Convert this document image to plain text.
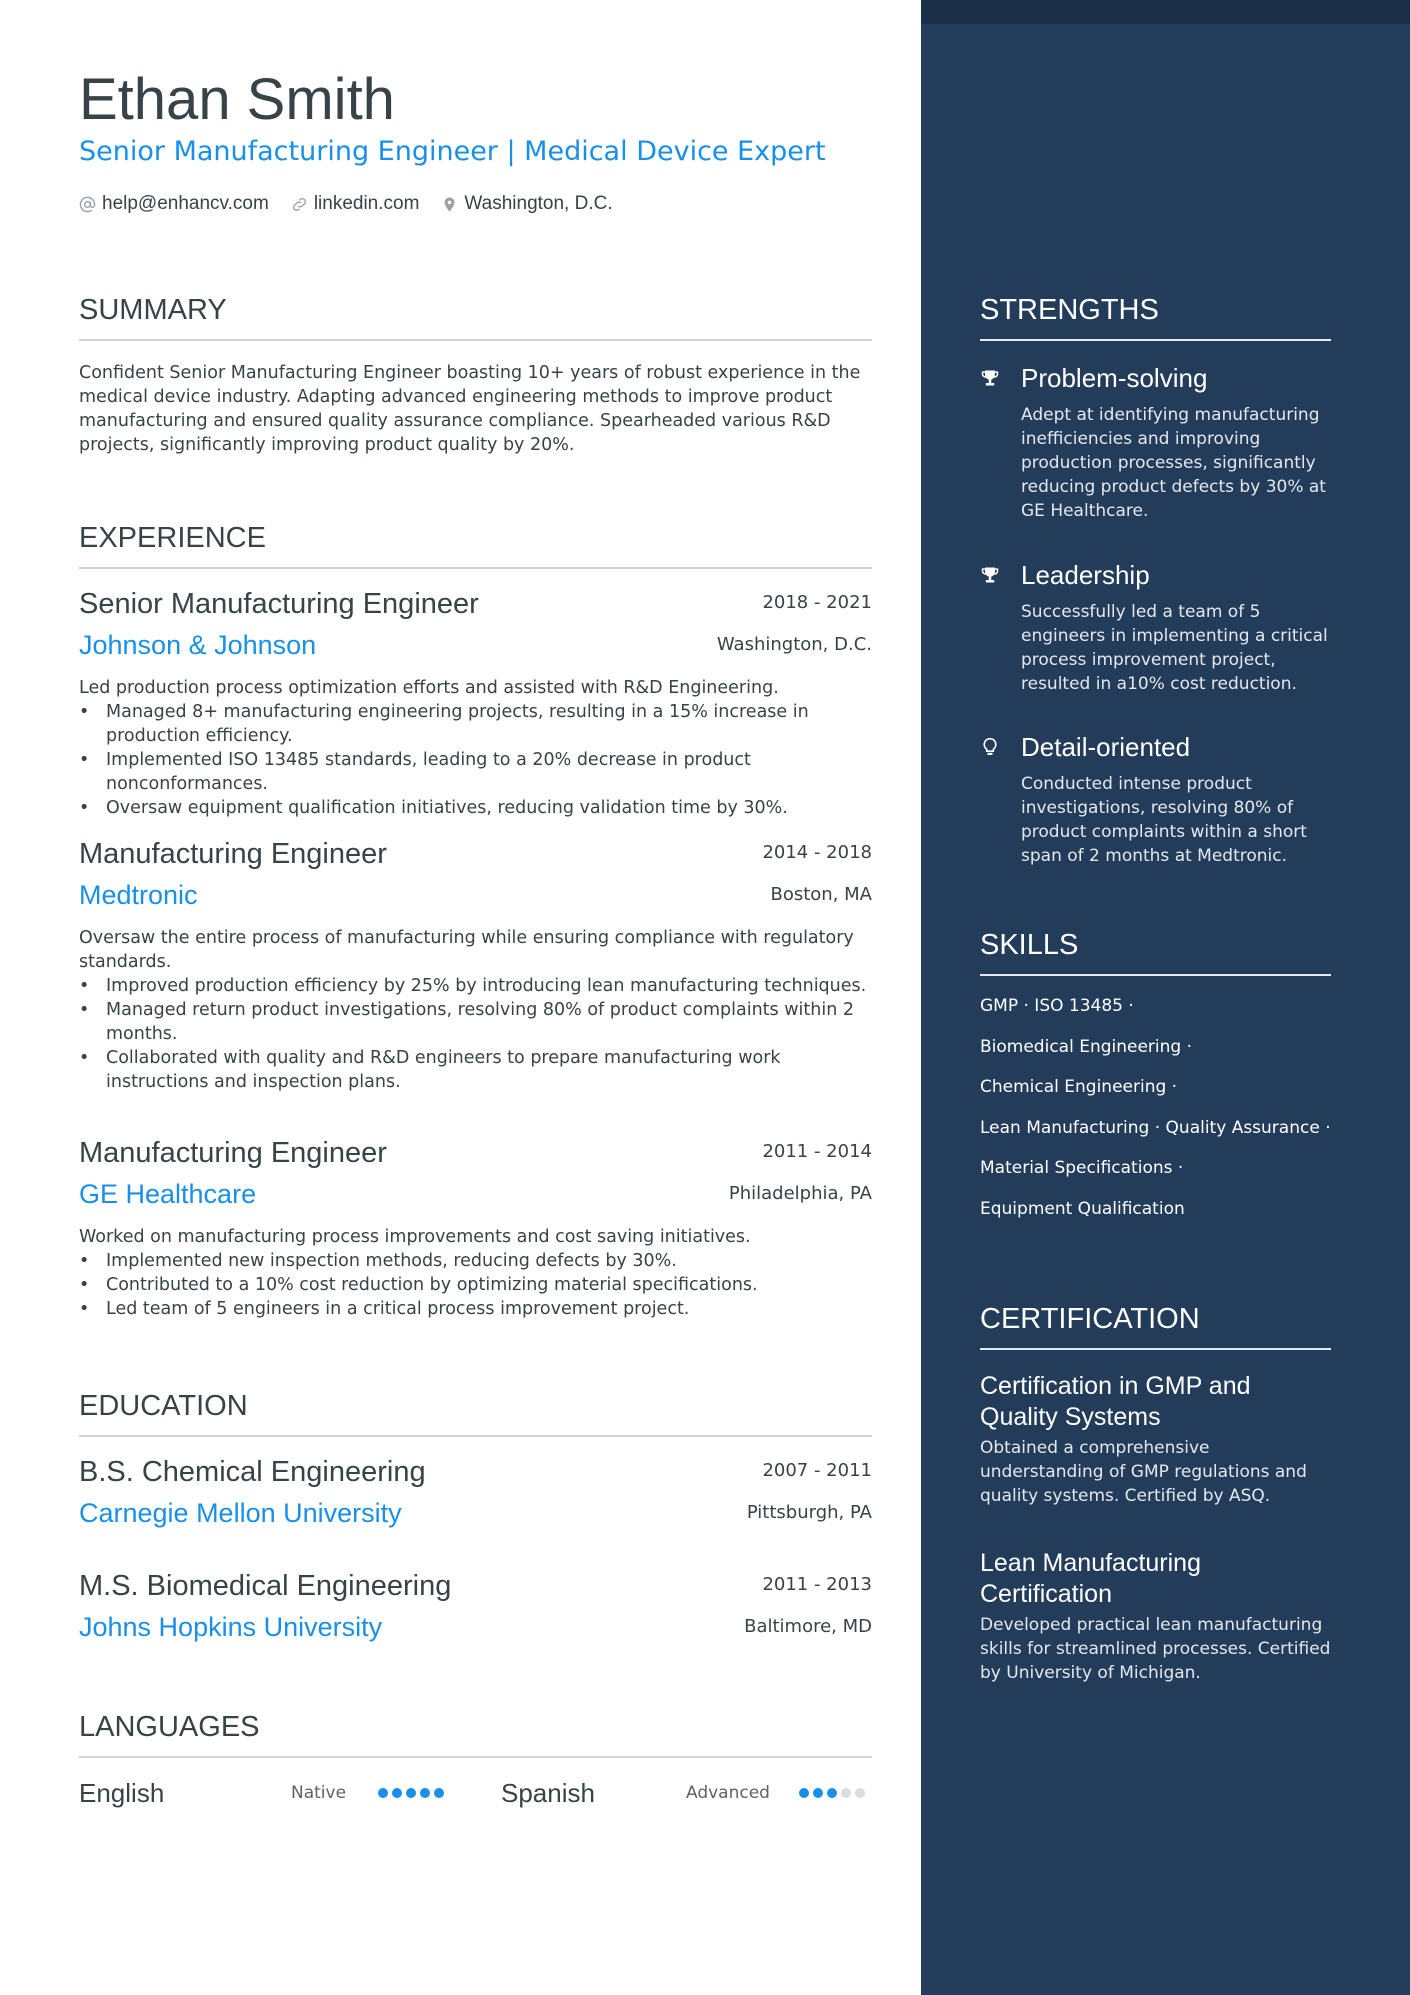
Ethan Smith
Senior Manufacturing Engineer | Medical Device Expert
help@enhancv.com linkedin.com Washington, D.C.
SUMMARY
Confident Senior Manufacturing Engineer boasting 10+ years of robust experience in the medical device industry. Adapting advanced engineering methods to improve product manufacturing and ensured quality assurance compliance. Spearheaded various R&D projects, significantly improving product quality by 20%.
EXPERIENCE
Senior Manufacturing Engineer	2018 - 2021
Johnson & Johnson	Washington, D.C.
Led production process optimization efforts and assisted with R&D Engineering.
• Managed 8+ manufacturing engineering projects, resulting in a 15% increase in production efficiency.
• Implemented ISO 13485 standards, leading to a 20% decrease in product nonconformances.
• Oversaw equipment qualification initiatives, reducing validation time by 30%.
Manufacturing Engineer	2014 - 2018
Medtronic	Boston, MA
Oversaw the entire process of manufacturing while ensuring compliance with regulatory standards.
• Improved production efficiency by 25% by introducing lean manufacturing techniques.
• Managed return product investigations, resolving 80% of product complaints within 2 months.
• Collaborated with quality and R&D engineers to prepare manufacturing work instructions and inspection plans.
Manufacturing Engineer	2011 - 2014
GE Healthcare	Philadelphia, PA
Worked on manufacturing process improvements and cost saving initiatives.
• Implemented new inspection methods, reducing defects by 30%.
• Contributed to a 10% cost reduction by optimizing material specifications.
• Led team of 5 engineers in a critical process improvement project.
EDUCATION
B.S. Chemical Engineering	2007 - 2011
Carnegie Mellon University	Pittsburgh, PA
M.S. Biomedical Engineering	2011 - 2013
Johns Hopkins University	Baltimore, MD
LANGUAGES
English	Native	Spanish	Advanced
STRENGTHS
Problem-solving
Adept at identifying manufacturing inefficiencies and improving production processes, significantly reducing product defects by 30% at GE Healthcare.
Leadership
Successfully led a team of 5 engineers in implementing a critical process improvement project, resulted in a10% cost reduction.
Detail-oriented
Conducted intense product investigations, resolving 80% of product complaints within a short span of 2 months at Medtronic.
SKILLS
GMP · ISO 13485 ·
Biomedical Engineering ·
Chemical Engineering ·
Lean Manufacturing · Quality Assurance ·
Material Specifications ·
Equipment Qualification
CERTIFICATION
Certification in GMP and Quality Systems
Obtained a comprehensive understanding of GMP regulations and quality systems. Certified by ASQ.
Lean Manufacturing Certification
Developed practical lean manufacturing skills for streamlined processes. Certified by University of Michigan.
